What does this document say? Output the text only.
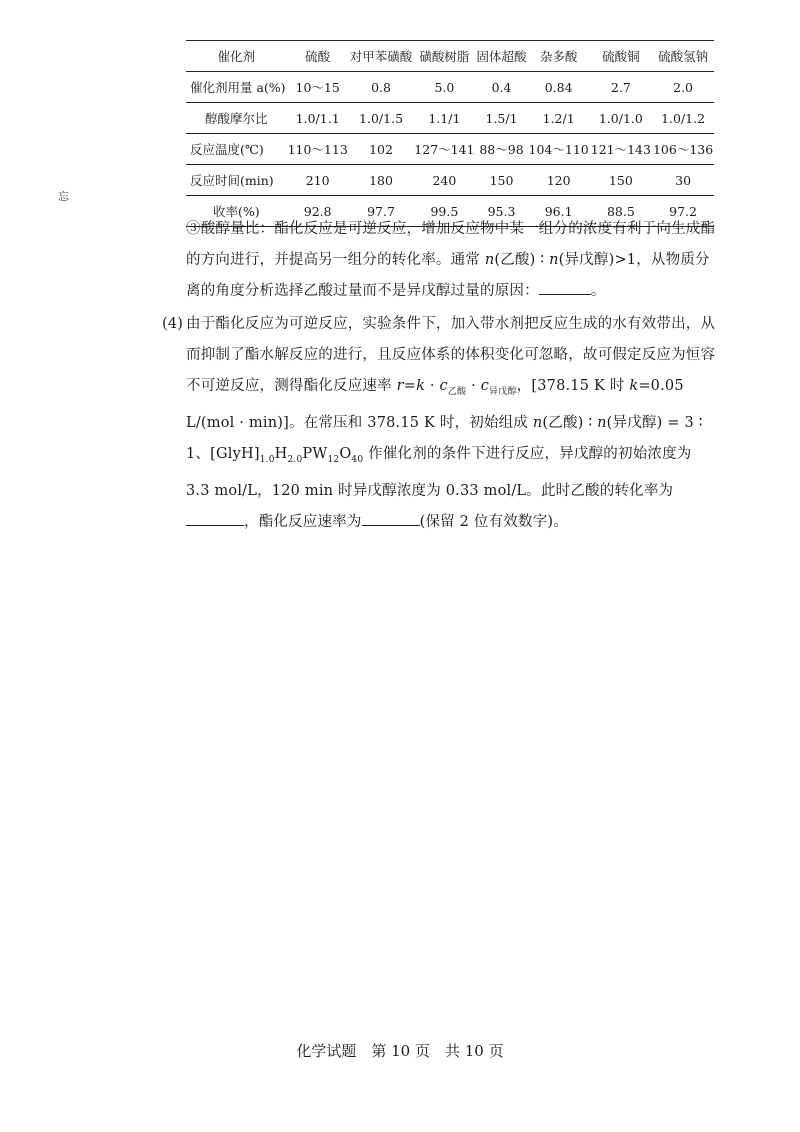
忘
催化剂	硫酸	对甲苯磺酸	磺酸树脂	固体超酸	杂多酸	硫酸铜	硫酸氢钠
催化剂用量 a(%)	10～15	0.8	5.0	0.4	0.84	2.7	2.0
醇酸摩尔比	1.0/1.1	1.0/1.5	1.1/1	1.5/1	1.2/1	1.0/1.0	1.0/1.2
反应温度(℃)	110～113	102	127～141	88～98	104～110	121～143	106～136
反应时间(min)	210	180	240	150	120	150	30
收率(%)	92.8	97.7	99.5	95.3	96.1	88.5	97.2

③酸醇量比：酯化反应是可逆反应，增加反应物中某一组分的浓度有利于向生成酯的方向进行，并提高另一组分的转化率。通常 n(乙酸) ∶ n(异戊醇)>1，从物质分离的角度分析选择乙酸过量而不是异戊醇过量的原因：	。

(4) 由于酯化反应为可逆反应，实验条件下，加入带水剂把反应生成的水有效带出，从而抑制了酯水解反应的进行，且反应体系的体积变化可忽略，故可假定反应为恒容不可逆反应，测得酯化反应速率 $r=k \cdot c_{乙酸} \cdot c_{异戊醇}$，[378.15 K 时 k=0.05 L/(mol · min)]。在常压和 378.15 K 时，初始组成 n(乙酸) ∶ n(异戊醇) = 3 ∶ 1、$[GlyH]_{1.0}H_{2.0}PW_{12}O_{40}$ 作催化剂的条件下进行反应，异戊醇的初始浓度为 3.3 mol/L，120 min 时异戊醇浓度为 0.33 mol/L。此时乙酸的转化率为，酯化反应速率为	(保留 2 位有效数字)。

化学试题　第 10 页　共 10 页
